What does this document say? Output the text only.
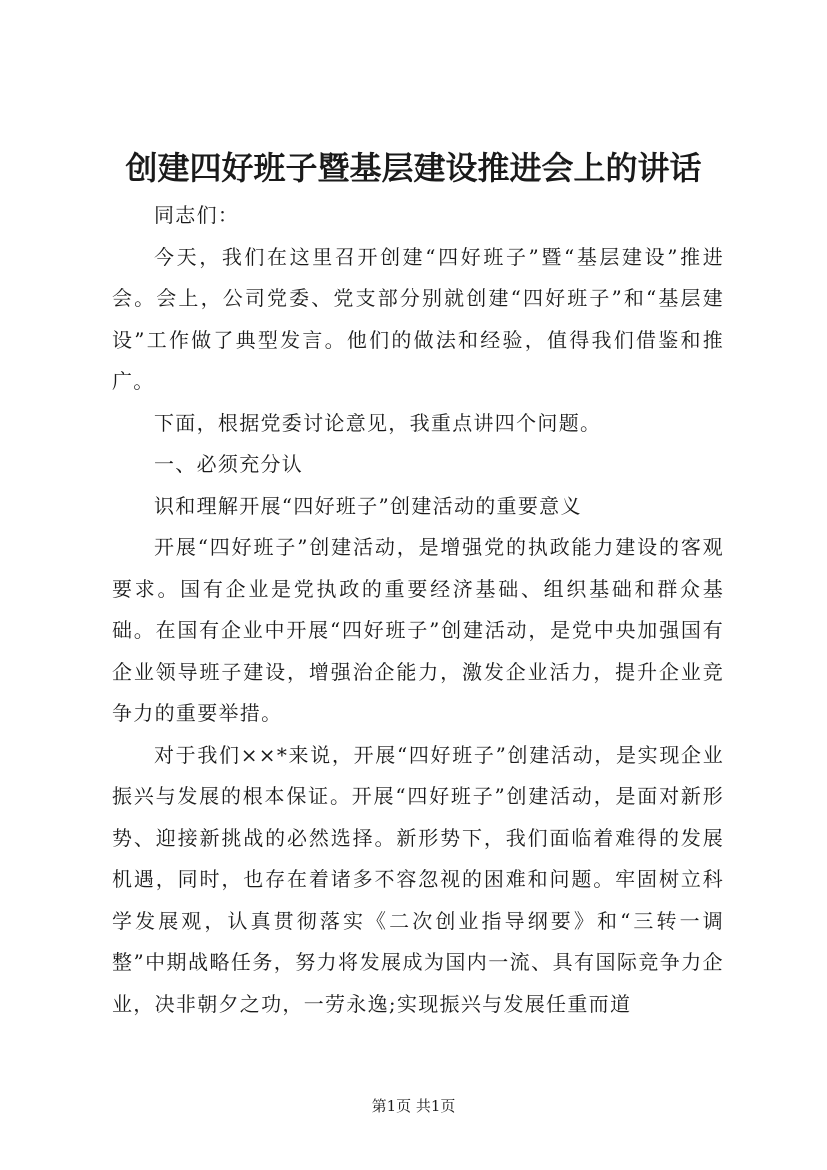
创建四好班子暨基层建设推进会上的讲话

同志们：

今天，我们在这里召开创建“四好班子”暨“基层建设”推进会。会上，公司党委、党支部分别就创建“四好班子”和“基层建设”工作做了典型发言。他们的做法和经验，值得我们借鉴和推广。

下面，根据党委讨论意见，我重点讲四个问题。

一、必须充分认

识和理解开展“四好班子”创建活动的重要意义

开展“四好班子”创建活动，是增强党的执政能力建设的客观要求。国有企业是党执政的重要经济基础、组织基础和群众基础。在国有企业中开展“四好班子”创建活动，是党中央加强国有企业领导班子建设，增强治企能力，激发企业活力，提升企业竞争力的重要举措。

对于我们××*来说，开展“四好班子”创建活动，是实现企业振兴与发展的根本保证。开展“四好班子”创建活动，是面对新形势、迎接新挑战的必然选择。新形势下，我们面临着难得的发展机遇，同时，也存在着诸多不容忽视的困难和问题。牢固树立科学发展观，认真贯彻落实《二次创业指导纲要》和“三转一调整”中期战略任务，努力将发展成为国内一流、具有国际竞争力企业，决非朝夕之功，一劳永逸;实现振兴与发展任重而道

第1页 共1页
